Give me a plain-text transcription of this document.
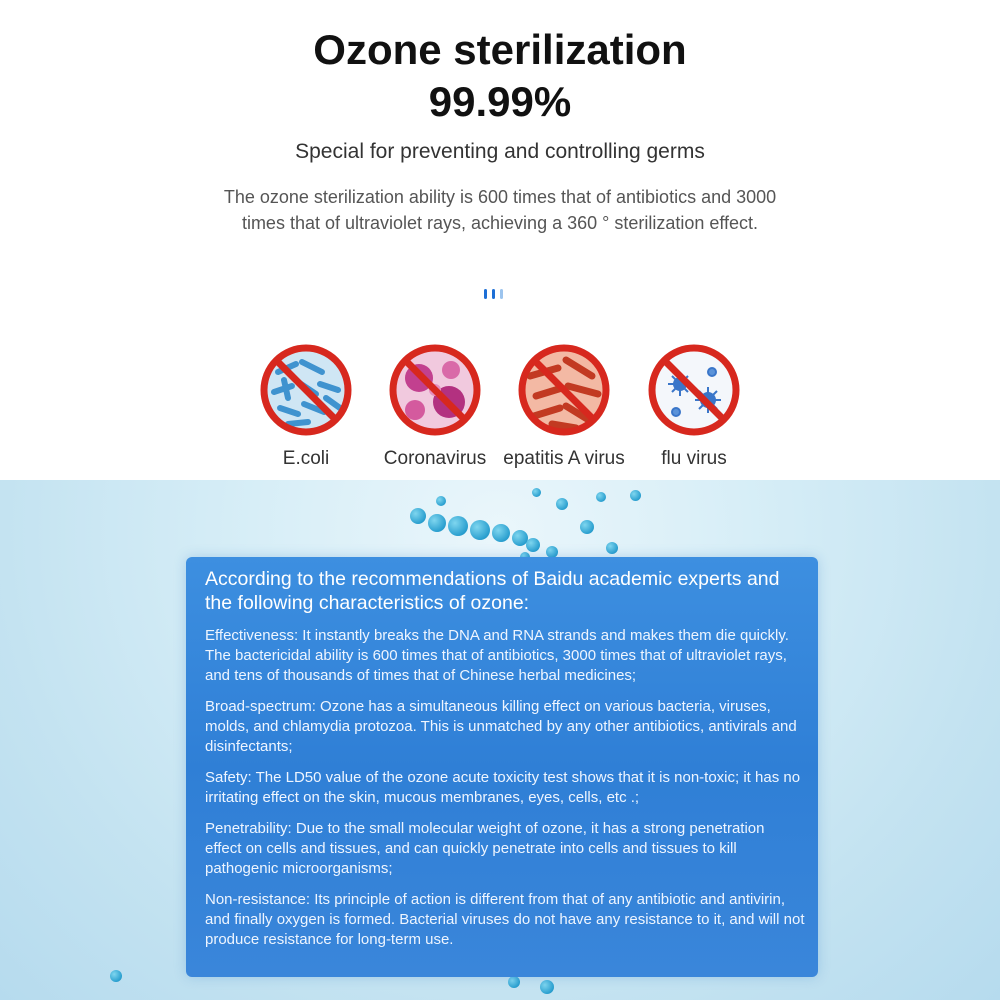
Ozone sterilization
99.99%
Special for preventing and controlling germs
The ozone sterilization ability is 600 times that of antibiotics and 3000 times that of ultraviolet rays, achieving a 360 ° sterilization effect.
E.coli	Coronavirus epatitis A virus	flu virus
According to the recommendations of Baidu academic experts and the following characteristics of ozone:
Effectiveness: It instantly breaks the DNA and RNA strands and makes them die quickly. The bactericidal ability is 600 times that of antibiotics, 3000 times that of ultraviolet rays, and tens of thousands of times that of Chinese herbal medicines;
Broad-spectrum: Ozone has a simultaneous killing effect on various bacteria, viruses, molds, and chlamydia protozoa. This is unmatched by any other antibiotics, antivirals and disinfectants;
Safety: The LD50 value of the ozone acute toxicity test shows that it is non-toxic; it has no irritating effect on the skin, mucous membranes, eyes, cells, etc .;
Penetrability: Due to the small molecular weight of ozone, it has a strong penetration effect on cells and tissues, and can quickly penetrate into cells and tissues to kill pathogenic microorganisms;
Non-resistance: Its principle of action is different from that of any antibiotic and antivirin, and finally oxygen is formed. Bacterial viruses do not have any resistance to it, and will not produce resistance for long-term use.
